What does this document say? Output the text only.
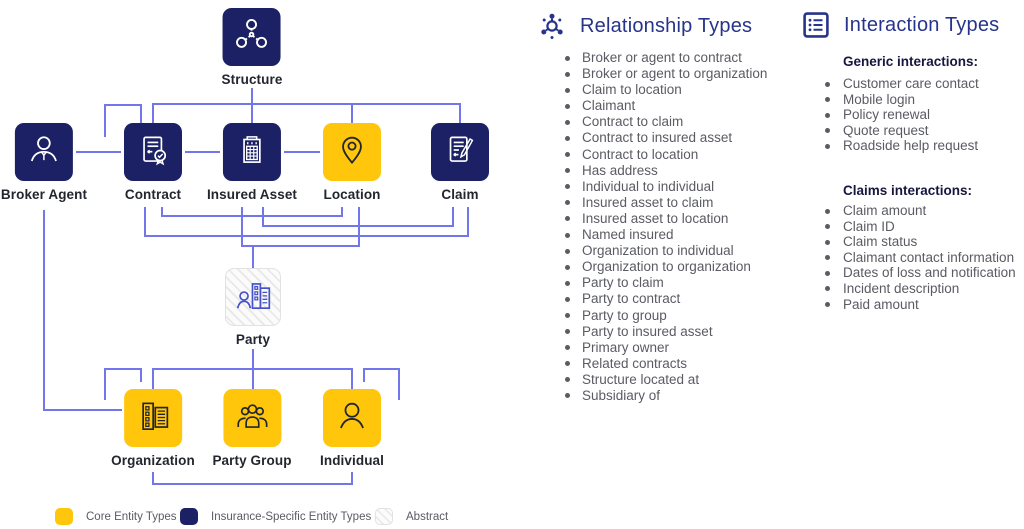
Structure
Broker Agent	Contract Insured Asset Location	Claim
Party
Organization Party Group Individual
Core Entity Types	Insurance-Specific Entity Types	Abstract
Relationship Types
Broker or agent to contract
Broker or agent to organization
Claim to location
Claimant
Contract to claim
Contract to insured asset
Contract to location
Has address
Individual to individual
Insured asset to claim
Insured asset to location
Named insured
Organization to individual
Organization to organization
Party to claim
Party to contract
Party to group
Party to insured asset
Primary owner
Related contracts
Structure located at
Subsidiary of
Interaction Types
Generic interactions:
Customer care contact
Mobile login
Policy renewal
Quote request
Roadside help request
Claims interactions:
Claim amount
Claim ID
Claim status
Claimant contact information
Dates of loss and notification
Incident description
Paid amount
